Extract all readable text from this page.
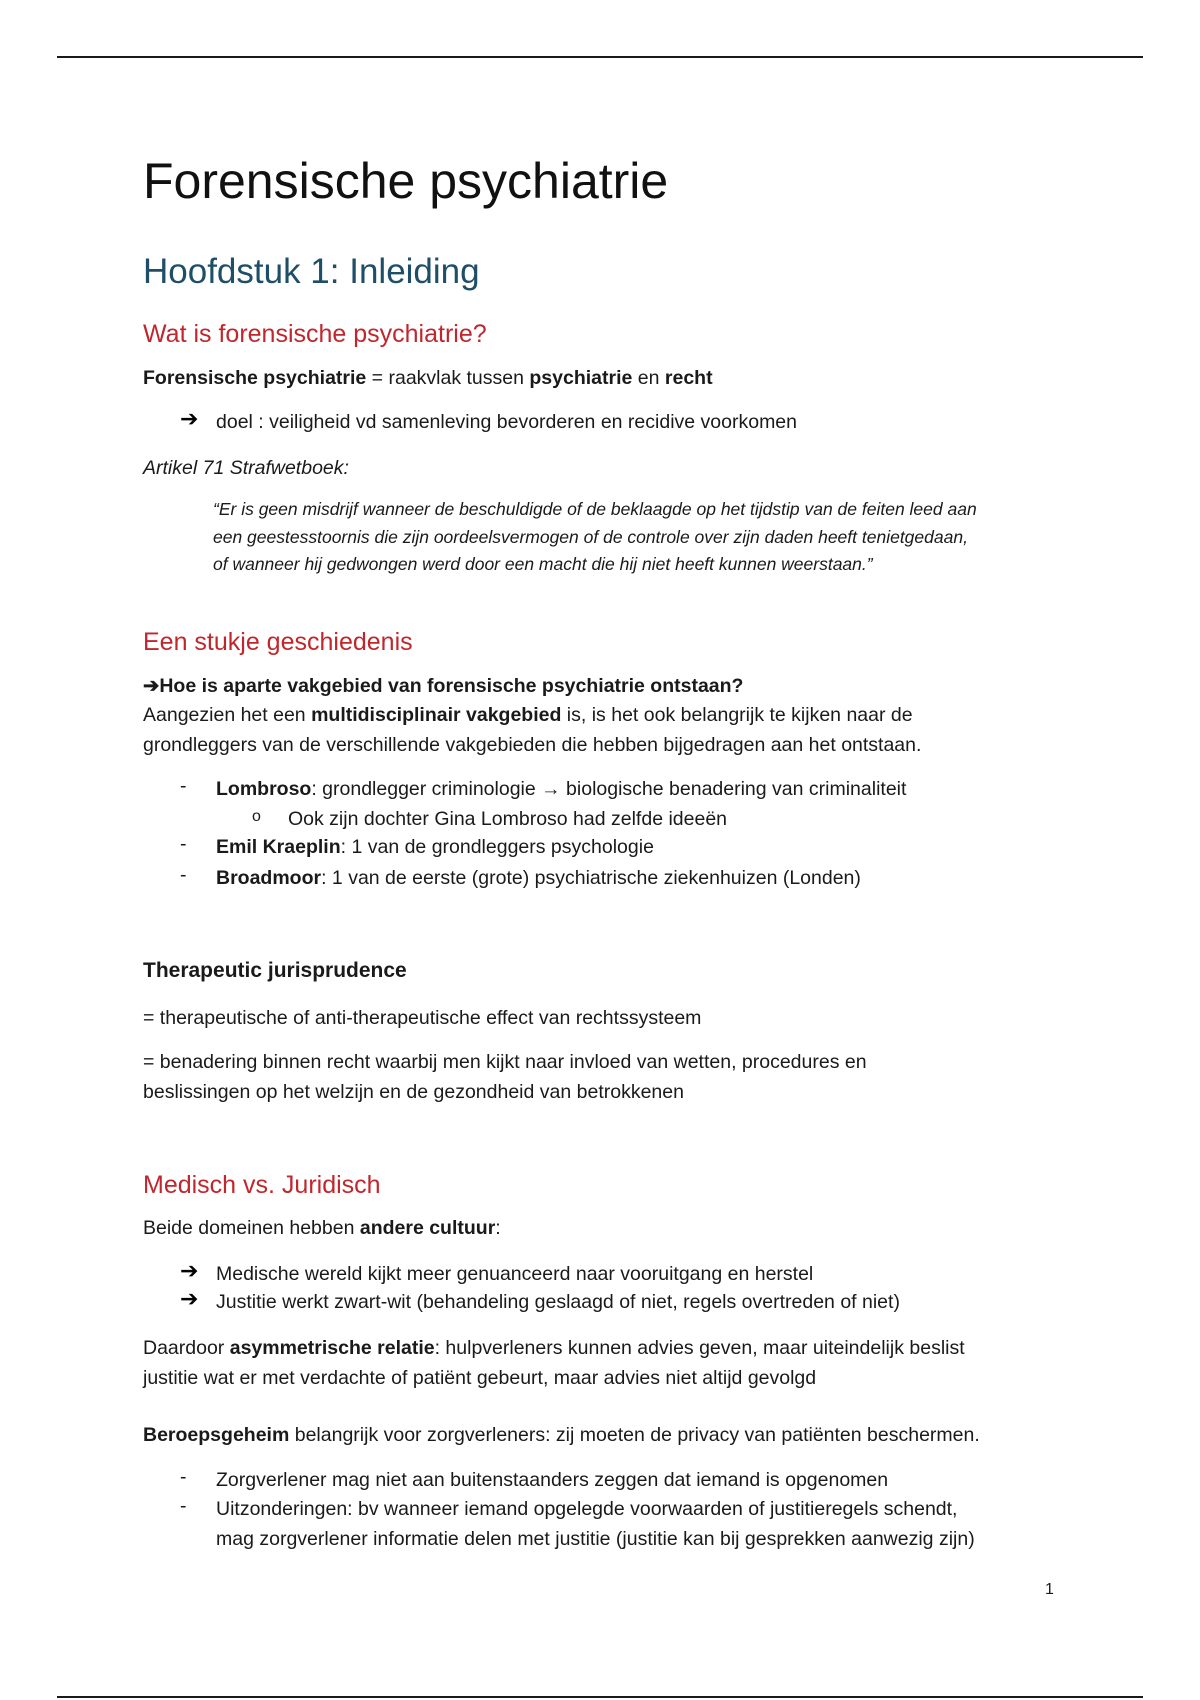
Forensische psychiatrie
Hoofdstuk 1: Inleiding
Wat is forensische psychiatrie?
Forensische psychiatrie = raakvlak tussen psychiatrie en recht
➔ doel : veiligheid vd samenleving bevorderen en recidive voorkomen
Artikel 71 Strafwetboek:
“Er is geen misdrijf wanneer de beschuldigde of de beklaagde op het tijdstip van de feiten leed aan
een geestesstoornis die zijn oordeelsvermogen of de controle over zijn daden heeft tenietgedaan,
of wanneer hij gedwongen werd door een macht die hij niet heeft kunnen weerstaan.”
Een stukje geschiedenis
➔Hoe is aparte vakgebied van forensische psychiatrie ontstaan?
Aangezien het een multidisciplinair vakgebied is, is het ook belangrijk te kijken naar de
grondleggers van de verschillende vakgebieden die hebben bijgedragen aan het ontstaan.
- Lombroso: grondlegger criminologie → biologische benadering van criminaliteit
o Ook zijn dochter Gina Lombroso had zelfde ideeën
- Emil Kraeplin: 1 van de grondleggers psychologie
- Broadmoor: 1 van de eerste (grote) psychiatrische ziekenhuizen (Londen)
Therapeutic jurisprudence
= therapeutische of anti-therapeutische effect van rechtssysteem
= benadering binnen recht waarbij men kijkt naar invloed van wetten, procedures en
beslissingen op het welzijn en de gezondheid van betrokkenen
Medisch vs. Juridisch
Beide domeinen hebben andere cultuur:
➔ Medische wereld kijkt meer genuanceerd naar vooruitgang en herstel
➔ Justitie werkt zwart-wit (behandeling geslaagd of niet, regels overtreden of niet)
Daardoor asymmetrische relatie: hulpverleners kunnen advies geven, maar uiteindelijk beslist
justitie wat er met verdachte of patiënt gebeurt, maar advies niet altijd gevolgd
Beroepsgeheim belangrijk voor zorgverleners: zij moeten de privacy van patiënten beschermen.
- Zorgverlener mag niet aan buitenstaanders zeggen dat iemand is opgenomen
- Uitzonderingen: bv wanneer iemand opgelegde voorwaarden of justitieregels schendt,
mag zorgverlener informatie delen met justitie (justitie kan bij gesprekken aanwezig zijn)
1
